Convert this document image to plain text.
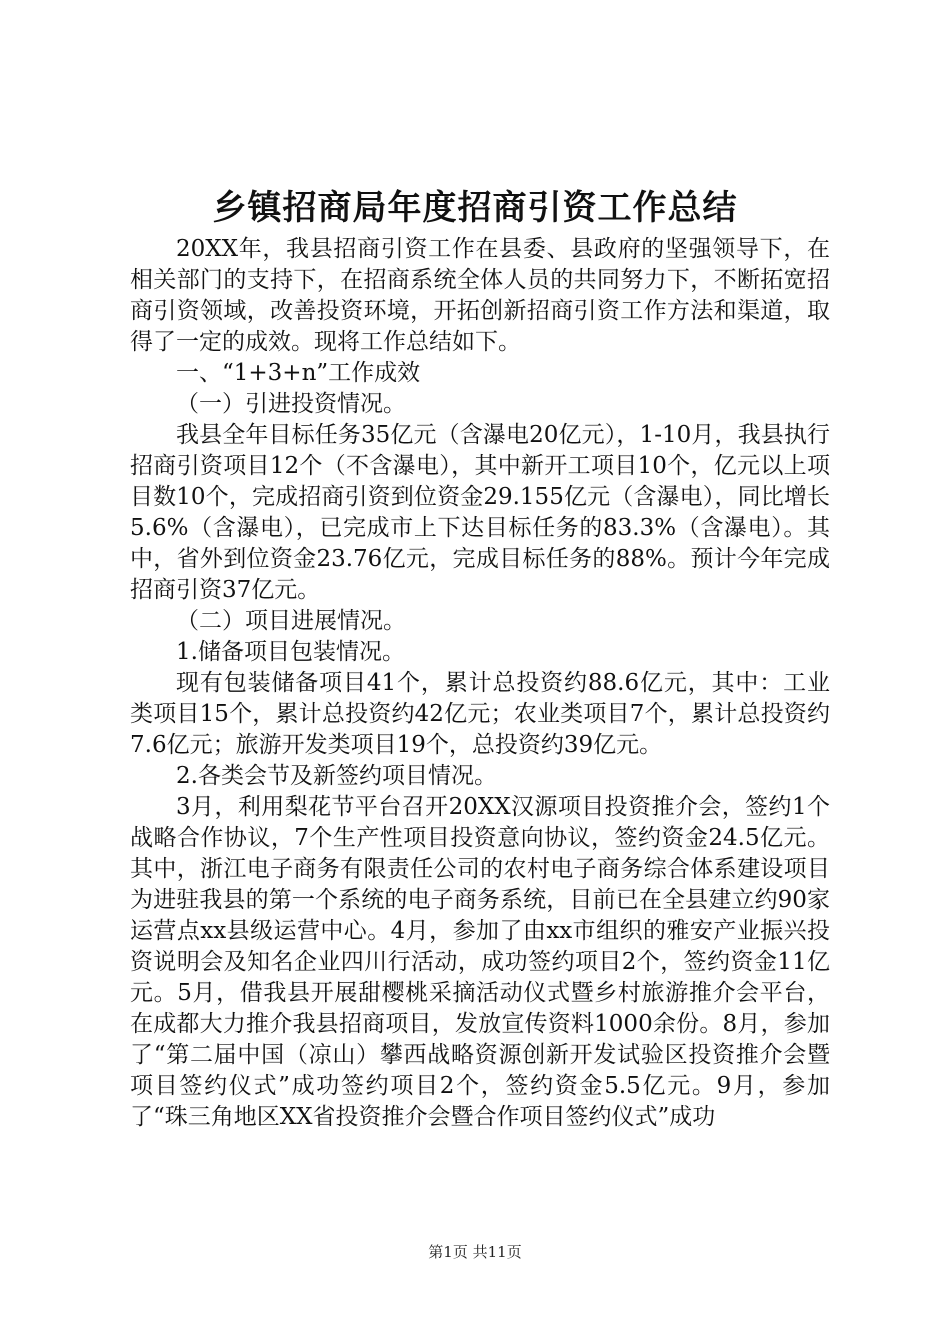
乡镇招商局年度招商引资工作总结

20XX年，我县招商引资工作在县委、县政府的坚强领导下，在相关部门的支持下，在招商系统全体人员的共同努力下，不断拓宽招商引资领域，改善投资环境，开拓创新招商引资工作方法和渠道，取得了一定的成效。现将工作总结如下。

一、“1+3+n”工作成效

（一）引进投资情况。

我县全年目标任务35亿元（含瀑电20亿元），1-10月，我县执行招商引资项目12个（不含瀑电），其中新开工项目10个，亿元以上项目数10个，完成招商引资到位资金29.155亿元（含瀑电），同比增长5.6%（含瀑电），已完成市上下达目标任务的83.3%（含瀑电）。其中，省外到位资金23.76亿元，完成目标任务的88%。预计今年完成招商引资37亿元。

（二）项目进展情况。

1.储备项目包装情况。

现有包装储备项目41个，累计总投资约88.6亿元，其中：工业类项目15个，累计总投资约42亿元；农业类项目7个，累计总投资约7.6亿元；旅游开发类项目19个，总投资约39亿元。

2.各类会节及新签约项目情况。

3月，利用梨花节平台召开20XX汉源项目投资推介会，签约1个战略合作协议，7个生产性项目投资意向协议，签约资金24.5亿元。其中，浙江电子商务有限责任公司的农村电子商务综合体系建设项目为进驻我县的第一个系统的电子商务系统，目前已在全县建立约90家运营点xx县级运营中心。4月，参加了由xx市组织的雅安产业振兴投资说明会及知名企业四川行活动，成功签约项目2个，签约资金11亿元。5月，借我县开展甜樱桃采摘活动仪式暨乡村旅游推介会平台，在成都大力推介我县招商项目，发放宣传资料1000余份。8月，参加了“第二届中国（凉山）攀西战略资源创新开发试验区投资推介会暨项目签约仪式”成功签约项目2个，签约资金5.5亿元。9月，参加了“珠三角地区XX省投资推介会暨合作项目签约仪式”成功

第1页 共11页
